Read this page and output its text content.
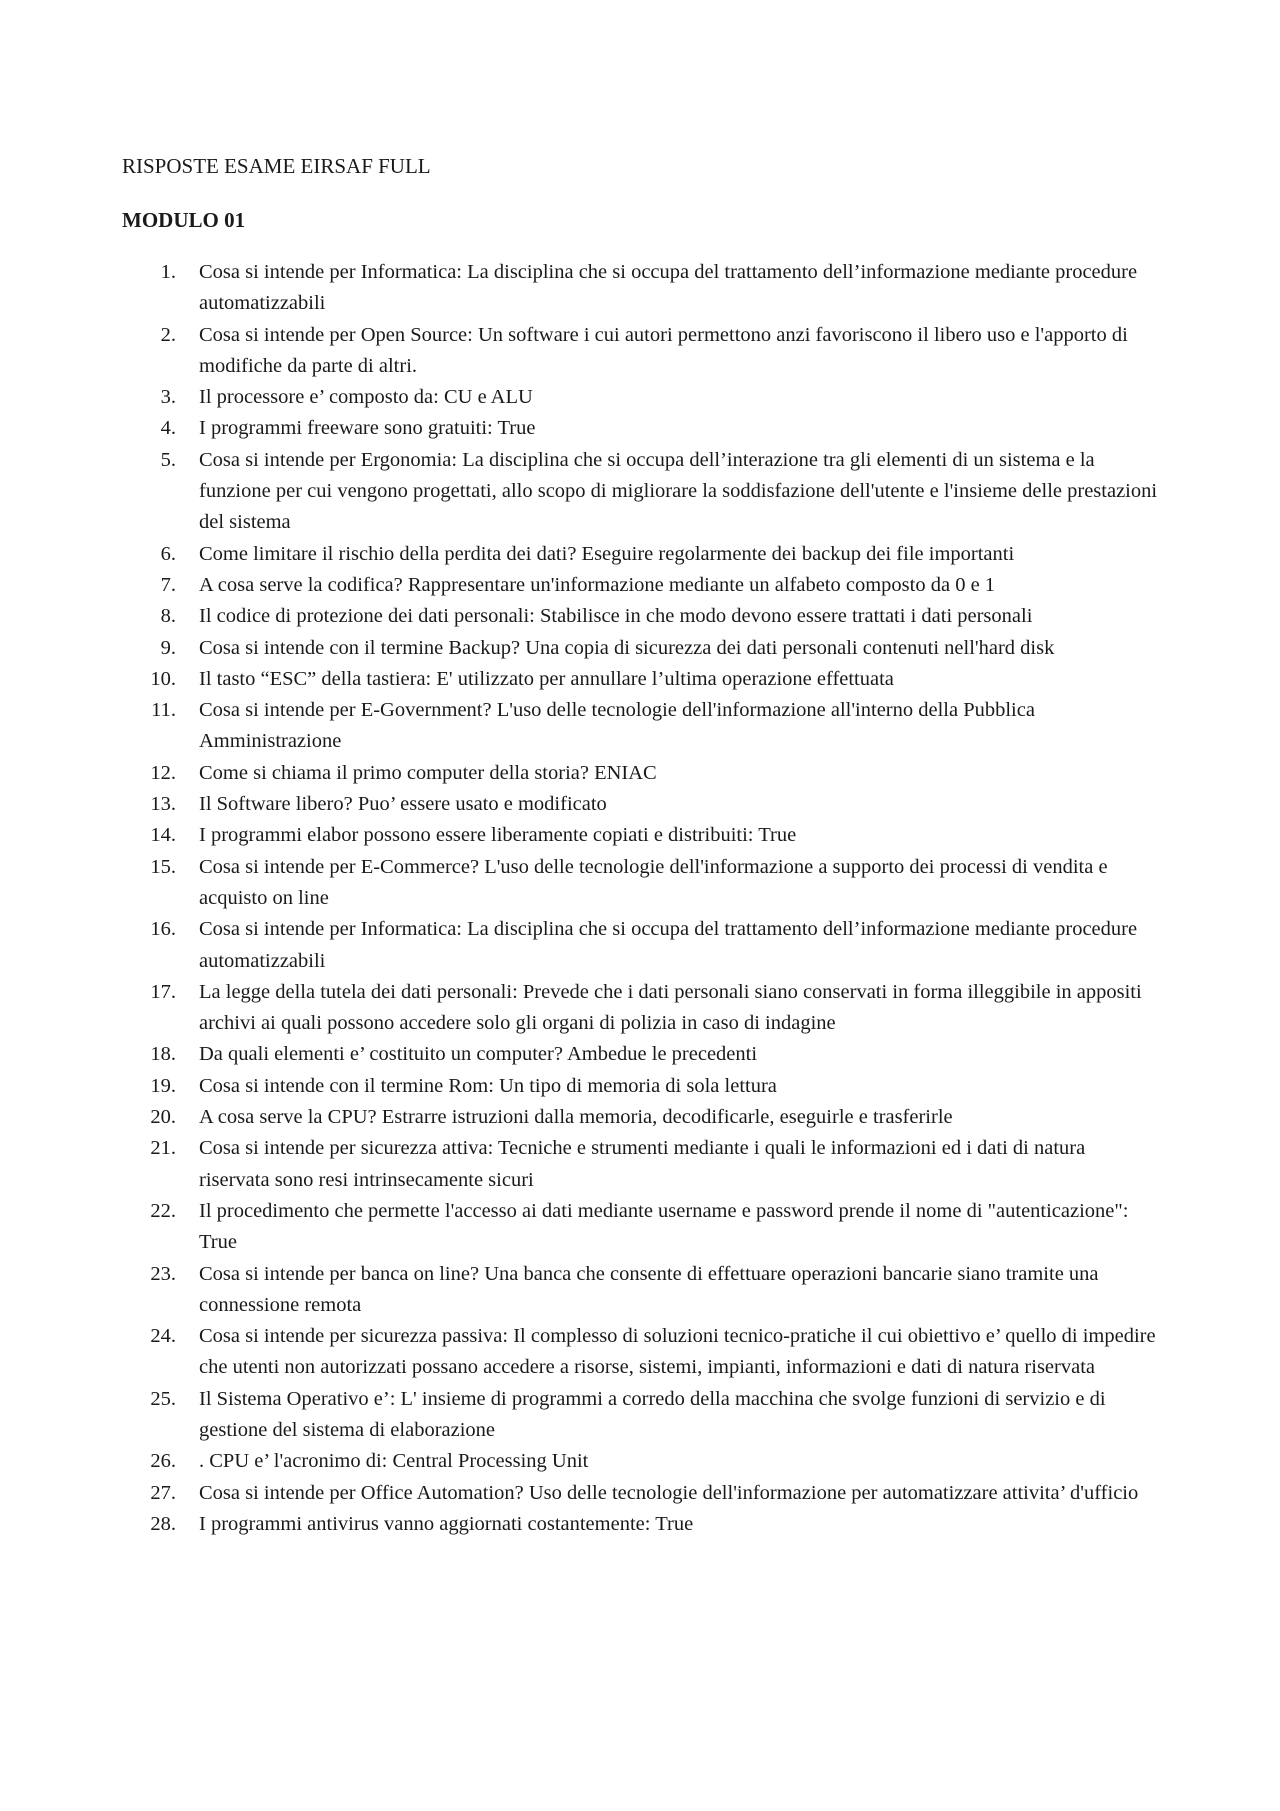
RISPOSTE ESAME EIRSAF FULL
MODULO 01
1. Cosa si intende per Informatica: La disciplina che si occupa del trattamento dell’informazione mediante procedure automatizzabili
2. Cosa si intende per Open Source: Un software i cui autori permettono anzi favoriscono il libero uso e l'apporto di modifiche da parte di altri.
3. Il processore e’ composto da: CU e ALU
4. I programmi freeware sono gratuiti: True
5. Cosa si intende per Ergonomia: La disciplina che si occupa dell’interazione tra gli elementi di un sistema e la funzione per cui vengono progettati, allo scopo di migliorare la soddisfazione dell'utente e l'insieme delle prestazioni del sistema
6. Come limitare il rischio della perdita dei dati? Eseguire regolarmente dei backup dei file importanti
7. A cosa serve la codifica? Rappresentare un'informazione mediante un alfabeto composto da 0 e 1
8. Il codice di protezione dei dati personali: Stabilisce in che modo devono essere trattati i dati personali
9. Cosa si intende con il termine Backup? Una copia di sicurezza dei dati personali contenuti nell'hard disk
10. Il tasto “ESC” della tastiera: E' utilizzato per annullare l’ultima operazione effettuata
11. Cosa si intende per E-Government? L'uso delle tecnologie dell'informazione all'interno della Pubblica Amministrazione
12. Come si chiama il primo computer della storia? ENIAC
13. Il Software libero? Puo’ essere usato e modificato
14. I programmi elabor possono essere liberamente copiati e distribuiti: True
15. Cosa si intende per E-Commerce? L'uso delle tecnologie dell'informazione a supporto dei processi di vendita e acquisto on line
16. Cosa si intende per Informatica: La disciplina che si occupa del trattamento dell’informazione mediante procedure automatizzabili
17. La legge della tutela dei dati personali: Prevede che i dati personali siano conservati in forma illeggibile in appositi archivi ai quali possono accedere solo gli organi di polizia in caso di indagine
18. Da quali elementi e’ costituito un computer? Ambedue le precedenti
19. Cosa si intende con il termine Rom: Un tipo di memoria di sola lettura
20. A cosa serve la CPU? Estrarre istruzioni dalla memoria, decodificarle, eseguirle e trasferirle
21. Cosa si intende per sicurezza attiva: Tecniche e strumenti mediante i quali le informazioni ed i dati di natura riservata sono resi intrinsecamente sicuri
22. Il procedimento che permette l'accesso ai dati mediante username e password prende il nome di "autenticazione": True
23. Cosa si intende per banca on line? Una banca che consente di effettuare operazioni bancarie siano tramite una connessione remota
24. Cosa si intende per sicurezza passiva: Il complesso di soluzioni tecnico-pratiche il cui obiettivo e’ quello di impedire che utenti non autorizzati possano accedere a risorse, sistemi, impianti, informazioni e dati di natura riservata
25. Il Sistema Operativo e’: L' insieme di programmi a corredo della macchina che svolge funzioni di servizio e di gestione del sistema di elaborazione
26. . CPU e’ l'acronimo di: Central Processing Unit
27. Cosa si intende per Office Automation? Uso delle tecnologie dell'informazione per automatizzare attivita’ d'ufficio
28. I programmi antivirus vanno aggiornati costantemente: True
